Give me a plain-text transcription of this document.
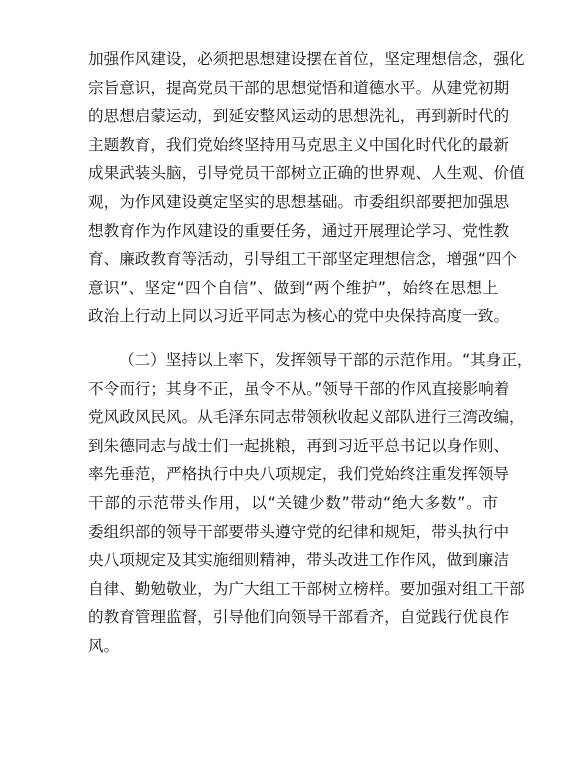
加强作风建设，必须把思想建设摆在首位，坚定理想信念，强化
宗旨意识，提高党员干部的思想觉悟和道德水平。从建党初期
的思想启蒙运动，到延安整风运动的思想洗礼，再到新时代的
主题教育，我们党始终坚持用马克思主义中国化时代化的最新
成果武装头脑，引导党员干部树立正确的世界观、人生观、价值
观，为作风建设奠定坚实的思想基础。市委组织部要把加强思
想教育作为作风建设的重要任务，通过开展理论学习、党性教
育、廉政教育等活动，引导组工干部坚定理想信念，增强“四个
意识”、坚定“四个自信”、做到“两个维护”，始终在思想上
政治上行动上同以习近平同志为核心的党中央保持高度一致。
（二）坚持以上率下，发挥领导干部的示范作用。“其身正，
不令而行；其身不正，虽令不从。”领导干部的作风直接影响着
党风政风民风。从毛泽东同志带领秋收起义部队进行三湾改编，
到朱德同志与战士们一起挑粮，再到习近平总书记以身作则、
率先垂范，严格执行中央八项规定，我们党始终注重发挥领导
干部的示范带头作用，以“关键少数”带动“绝大多数”。市
委组织部的领导干部要带头遵守党的纪律和规矩，带头执行中
央八项规定及其实施细则精神，带头改进工作作风，做到廉洁
自律、勤勉敬业，为广大组工干部树立榜样。要加强对组工干部
的教育管理监督，引导他们向领导干部看齐，自觉践行优良作
风。
